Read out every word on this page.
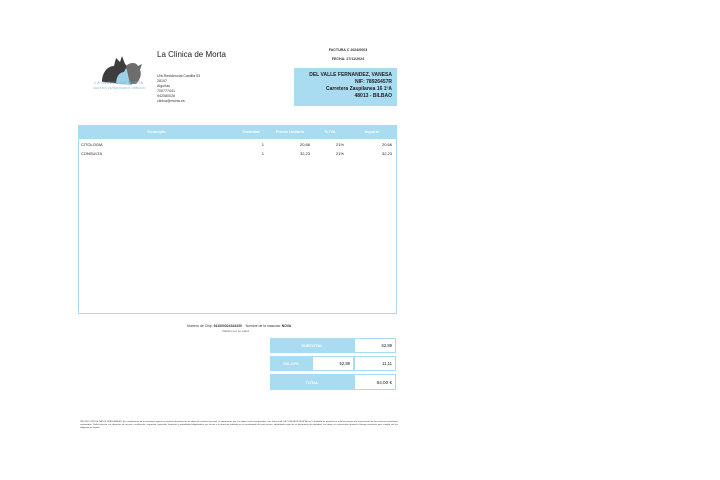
LA CLINICA DE MORTA
CENTRO VETERINARIO URBANO
La Clinica de Morta
Urb.Residencial Castilla 53
28107
Alguñas
700777441
942080028
clinica@morta.es
FACTURA C 2024/0003
FECHA: 27/11/2024
DEL VALLE FERNANDEZ, VANESA
NIF: 78926457R
Carretera Zaspilanea 16 1ºA
48013 - BILBAO
Concepto	Cantidad	Precio Unitario	% IVA	Importe
CITOLOGIA	1	20,66	21%	20,66
CONSULTA	1	32,23	21%	32,23
Número de Chip: 941000024343430 Nombre de la mascota: NOVA
Válidos por su salud
SUBTOTAL	52,89
IVA 21%	52,89	11,11
TOTAL	64,00 €
PROTECCIÓN DE DATOS PERSONALES: En cumplimiento de la normativa vigente en materia de protección de datos de carácter personal, le informamos que sus datos serán incorporados a los ficheros de LA CLINICA DE MORTA con la finalidad de gestionar la relación comercial y la prestación de los servicios veterinarios contratados. Podrá ejercitar sus derechos de acceso, rectificación, supresión, oposición, limitación y portabilidad dirigiéndose por escrito a la dirección indicada en el encabezado de esta factura, adjuntando copia de su documento de identidad. Los datos se conservarán durante el tiempo necesario para cumplir con las obligaciones legales.
